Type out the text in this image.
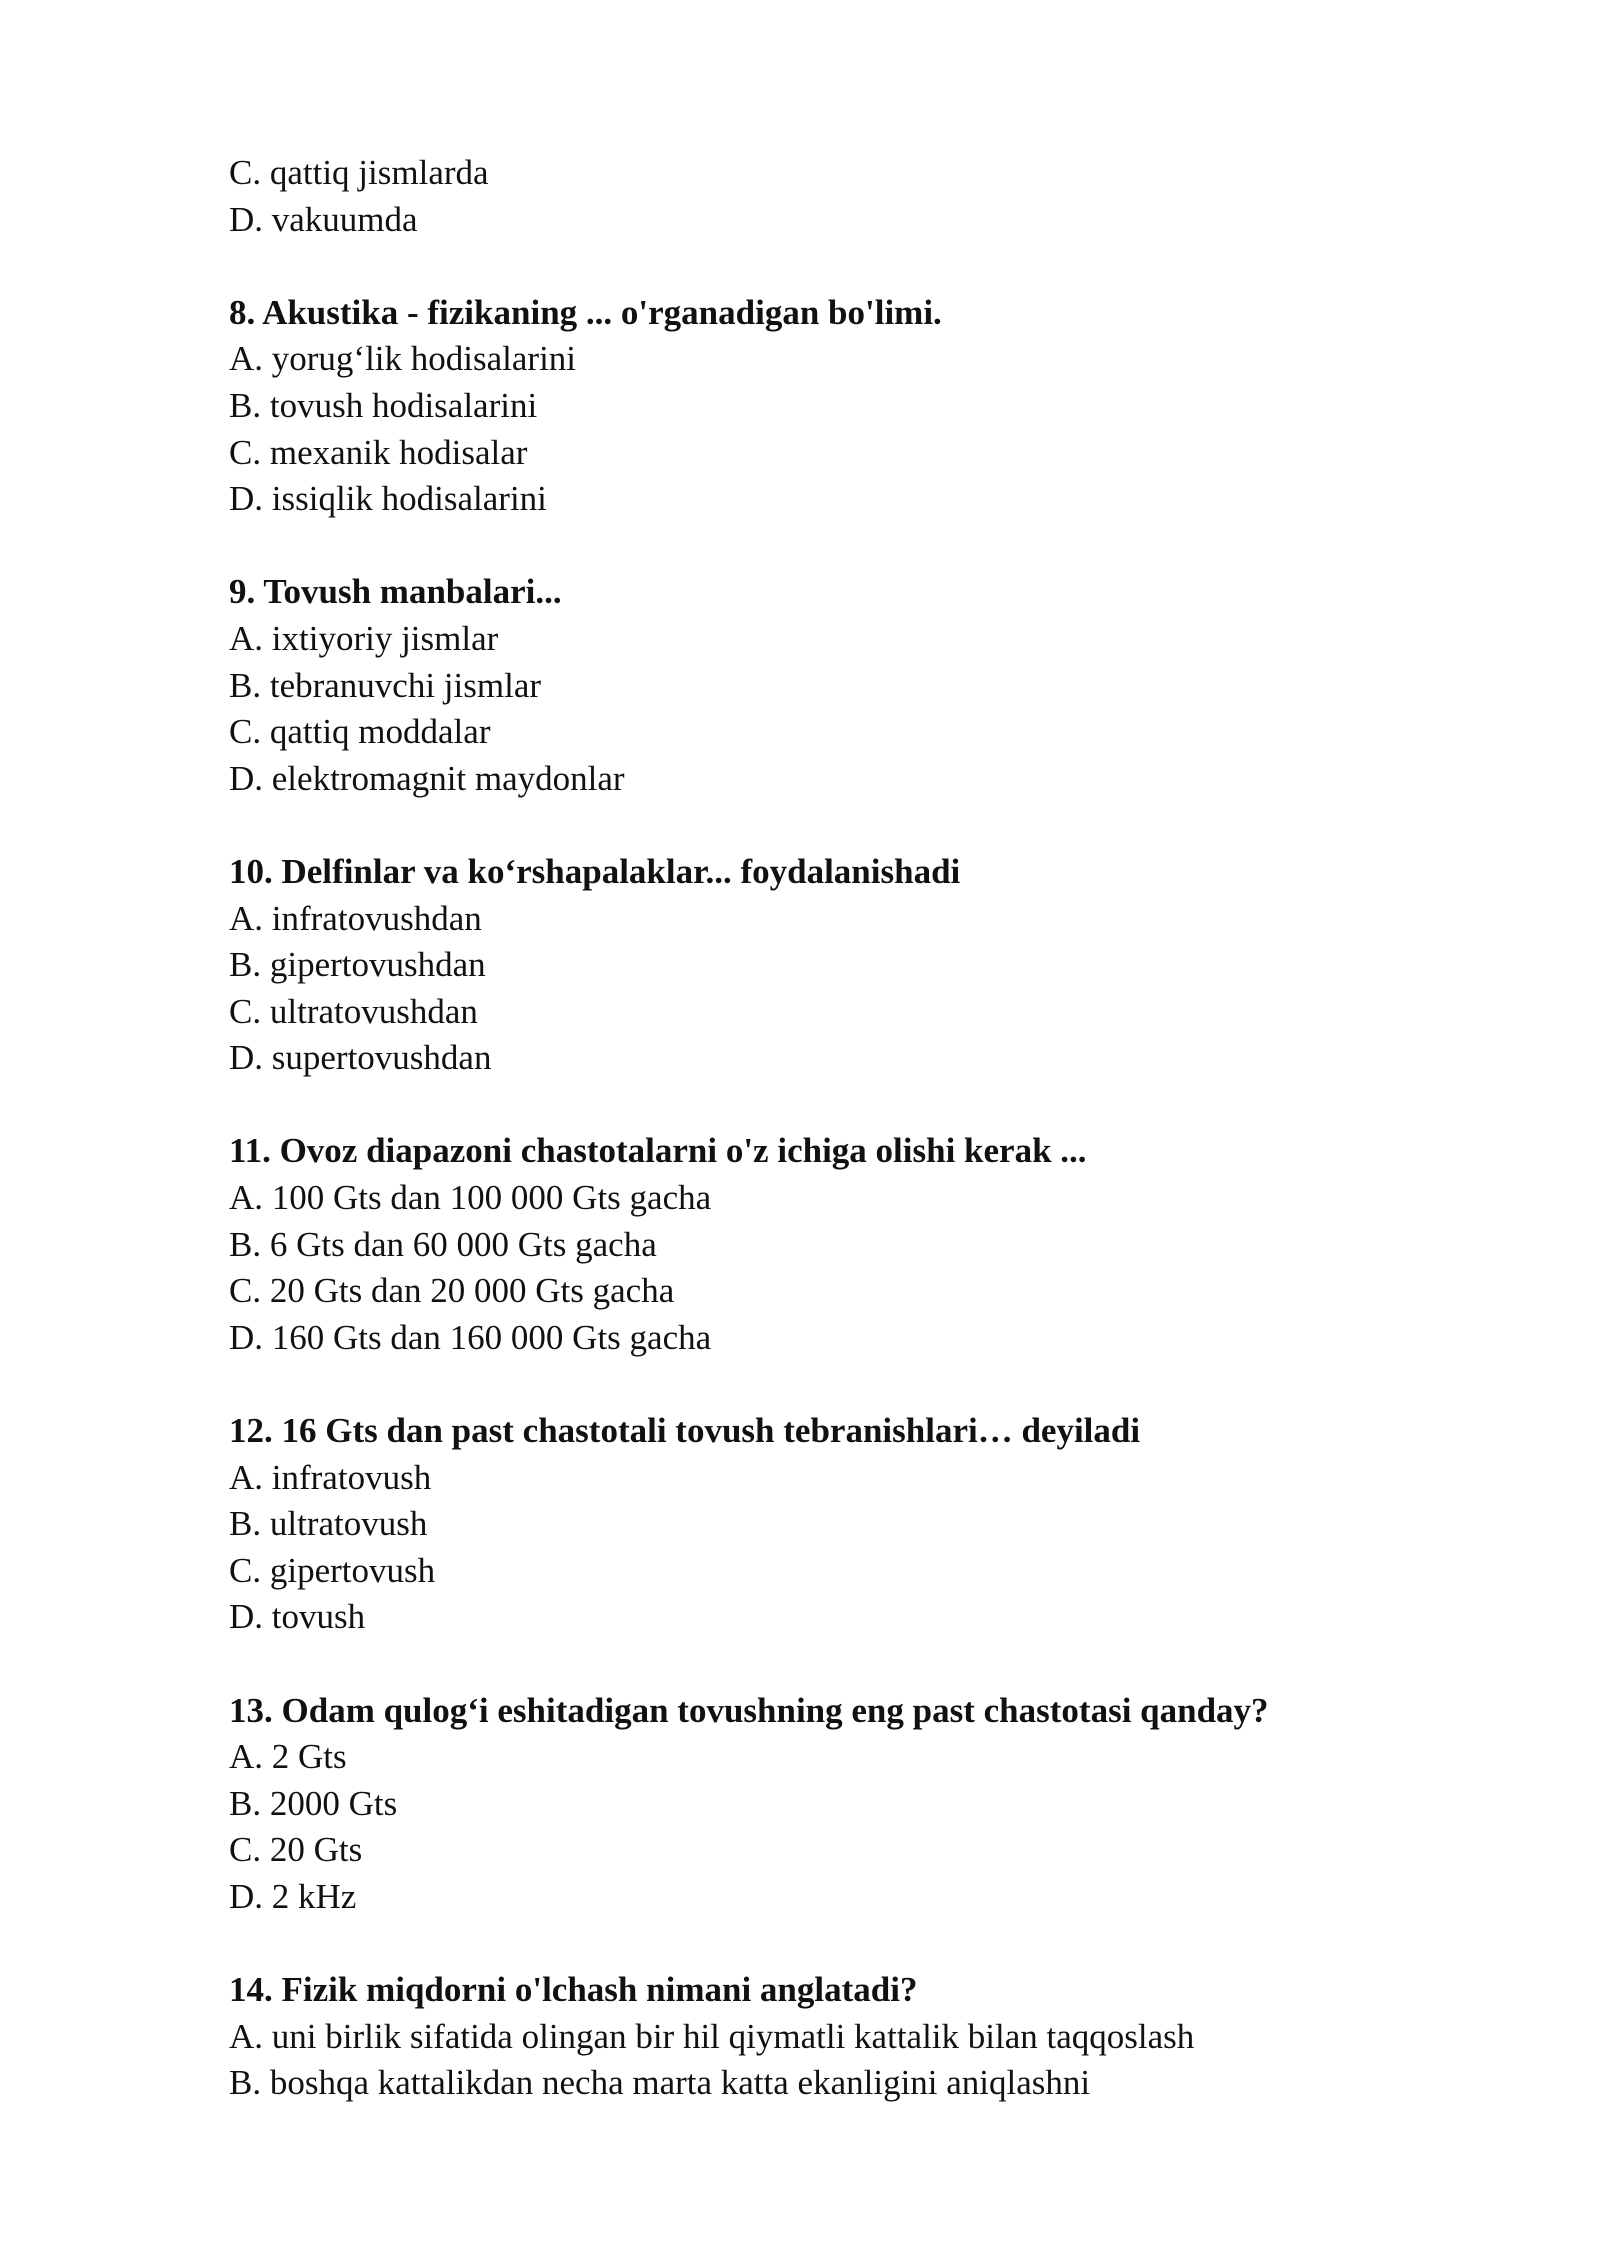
C. qattiq jismlarda

D. vakuumda

8. Akustika - fizikaning ... o'rganadigan bo'limi.

A. yorug‘lik hodisalarini

B. tovush hodisalarini

C. mexanik hodisalar

D. issiqlik hodisalarini

9. Tovush manbalari...

A. ixtiyoriy jismlar

B. tebranuvchi jismlar

C. qattiq moddalar

D. elektromagnit maydonlar

10. Delfinlar va ko‘rshapalaklar... foydalanishadi

A. infratovushdan

B. gipertovushdan

C. ultratovushdan

D. supertovushdan

11. Ovoz diapazoni chastotalarni o'z ichiga olishi kerak ...

A. 100 Gts dan 100 000 Gts gacha

B. 6 Gts dan 60 000 Gts gacha

C. 20 Gts dan 20 000 Gts gacha

D. 160 Gts dan 160 000 Gts gacha

12. 16 Gts dan past chastotali tovush tebranishlari… deyiladi

A. infratovush

B. ultratovush

C. gipertovush

D. tovush

13. Odam qulog‘i eshitadigan tovushning eng past chastotasi qanday?

A. 2 Gts

B. 2000 Gts

C. 20 Gts

D. 2 kHz

14. Fizik miqdorni o'lchash nimani anglatadi?

A. uni birlik sifatida olingan bir hil qiymatli kattalik bilan taqqoslash

B. boshqa kattalikdan necha marta katta ekanligini aniqlashni
